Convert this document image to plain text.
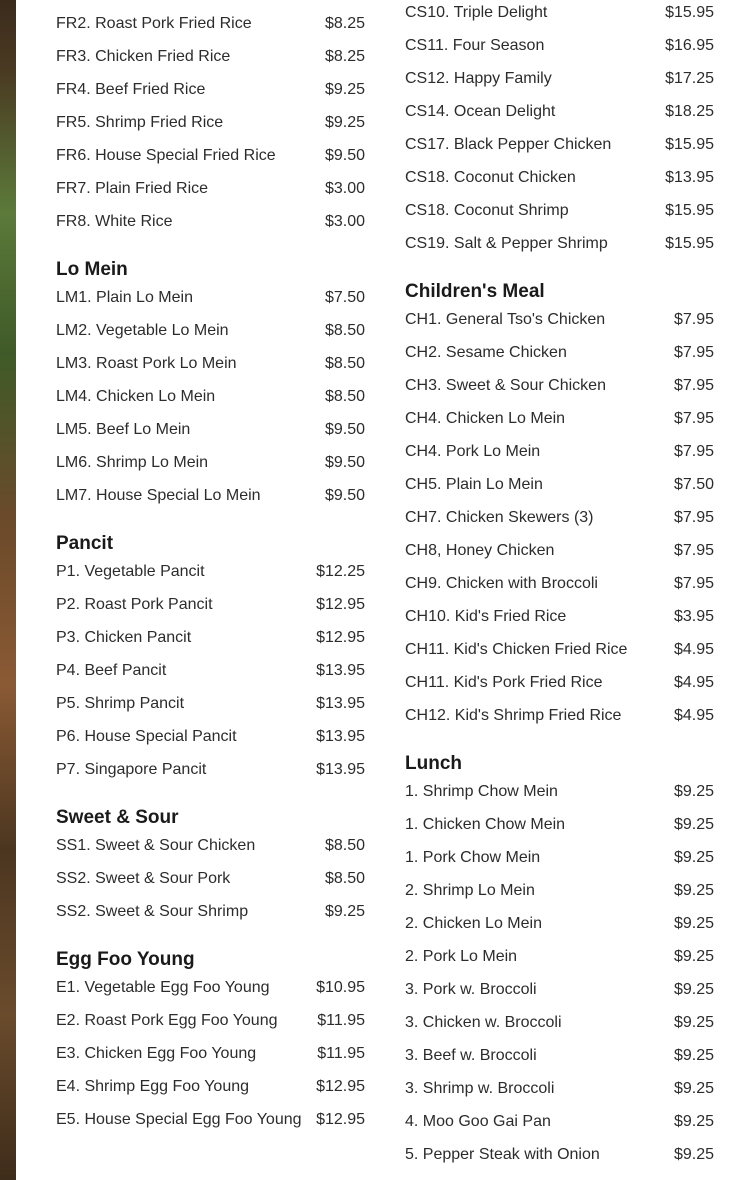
FR2. Roast Pork Fried Rice	$8.25
FR3. Chicken Fried Rice	$8.25
FR4. Beef Fried Rice	$9.25
FR5. Shrimp Fried Rice	$9.25
FR6. House Special Fried Rice	$9.50
FR7. Plain Fried Rice	$3.00
FR8. White Rice	$3.00
Lo Mein
LM1. Plain Lo Mein	$7.50
LM2. Vegetable Lo Mein	$8.50
LM3. Roast Pork Lo Mein	$8.50
LM4. Chicken Lo Mein	$8.50
LM5. Beef Lo Mein	$9.50
LM6. Shrimp Lo Mein	$9.50
LM7. House Special Lo Mein	$9.50
Pancit
P1. Vegetable Pancit	$12.25
P2. Roast Pork Pancit	$12.95
P3. Chicken Pancit	$12.95
P4. Beef Pancit	$13.95
P5. Shrimp Pancit	$13.95
P6. House Special Pancit	$13.95
P7. Singapore Pancit	$13.95
Sweet & Sour
SS1. Sweet & Sour Chicken	$8.50
SS2. Sweet & Sour Pork	$8.50
SS2. Sweet & Sour Shrimp	$9.25
Egg Foo Young
E1. Vegetable Egg Foo Young	$10.95
E2. Roast Pork Egg Foo Young $11.95
E3. Chicken Egg Foo Young	$11.95
E4. Shrimp Egg Foo Young	$12.95
E5. House Special Egg Foo Young $12.95
CS10. Triple Delight	$15.95
CS11. Four Season	$16.95
CS12. Happy Family	$17.25
CS14. Ocean Delight	$18.25
CS17. Black Pepper Chicken	$15.95
CS18. Coconut Chicken	$13.95
CS18. Coconut Shrimp	$15.95
CS19. Salt & Pepper Shrimp	$15.95
Children's Meal
CH1. General Tso's Chicken	$7.95
CH2. Sesame Chicken	$7.95
CH3. Sweet & Sour Chicken	$7.95
CH4. Chicken Lo Mein	$7.95
CH4. Pork Lo Mein	$7.95
CH5. Plain Lo Mein	$7.50
CH7. Chicken Skewers (3)	$7.95
CH8, Honey Chicken	$7.95
CH9. Chicken with Broccoli	$7.95
CH10. Kid's Fried Rice	$3.95
CH11. Kid's Chicken Fried Rice	$4.95
CH11. Kid's Pork Fried Rice	$4.95
CH12. Kid's Shrimp Fried Rice	$4.95
Lunch
1. Shrimp Chow Mein	$9.25
1. Chicken Chow Mein	$9.25
1. Pork Chow Mein	$9.25
2. Shrimp Lo Mein	$9.25
2. Chicken Lo Mein	$9.25
2. Pork Lo Mein	$9.25
3. Pork w. Broccoli	$9.25
3. Chicken w. Broccoli	$9.25
3. Beef w. Broccoli	$9.25
3. Shrimp w. Broccoli	$9.25
4. Moo Goo Gai Pan	$9.25
5. Pepper Steak with Onion	$9.25
